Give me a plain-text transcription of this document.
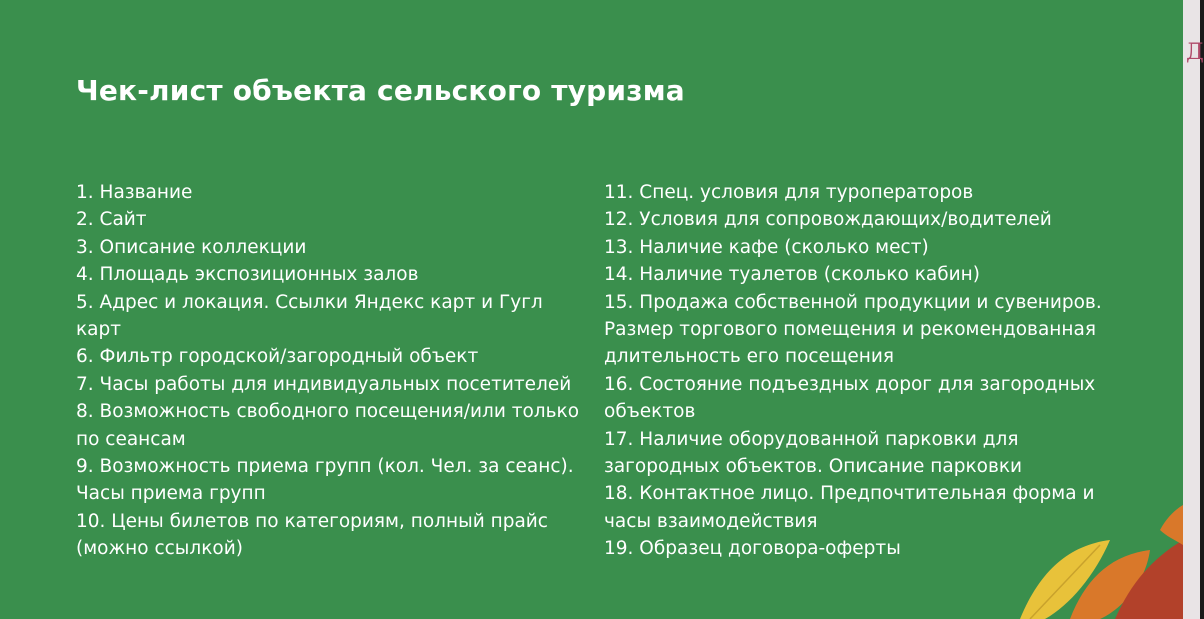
Чек-лист объекта сельского туризма
1. Название
2. Сайт
3. Описание коллекции
4. Площадь экспозиционных залов
5. Адрес и локация. Ссылки Яндекс карт и Гугл карт
6. Фильтр городской/загородный объект
7. Часы работы для индивидуальных посетителей
8. Возможность свободного посещения/или только по сеансам
9. Возможность приема групп (кол. Чел. за сеанс). Часы приема групп
10. Цены билетов по категориям, полный прайс (можно ссылкой)
11. Спец. условия для туроператоров
12. Условия для сопровождающих/водителей
13. Наличие кафе (сколько мест)
14. Наличие туалетов (сколько кабин)
15. Продажа собственной продукции и сувениров. Размер торгового помещения и рекомендованная длительность его посещения
16. Состояние подъездных дорог для загородных объектов
17. Наличие оборудованной парковки для загородных объектов. Описание парковки
18. Контактное лицо. Предпочтительная форма и часы взаимодействия
19. Образец договора-оферты
Д
